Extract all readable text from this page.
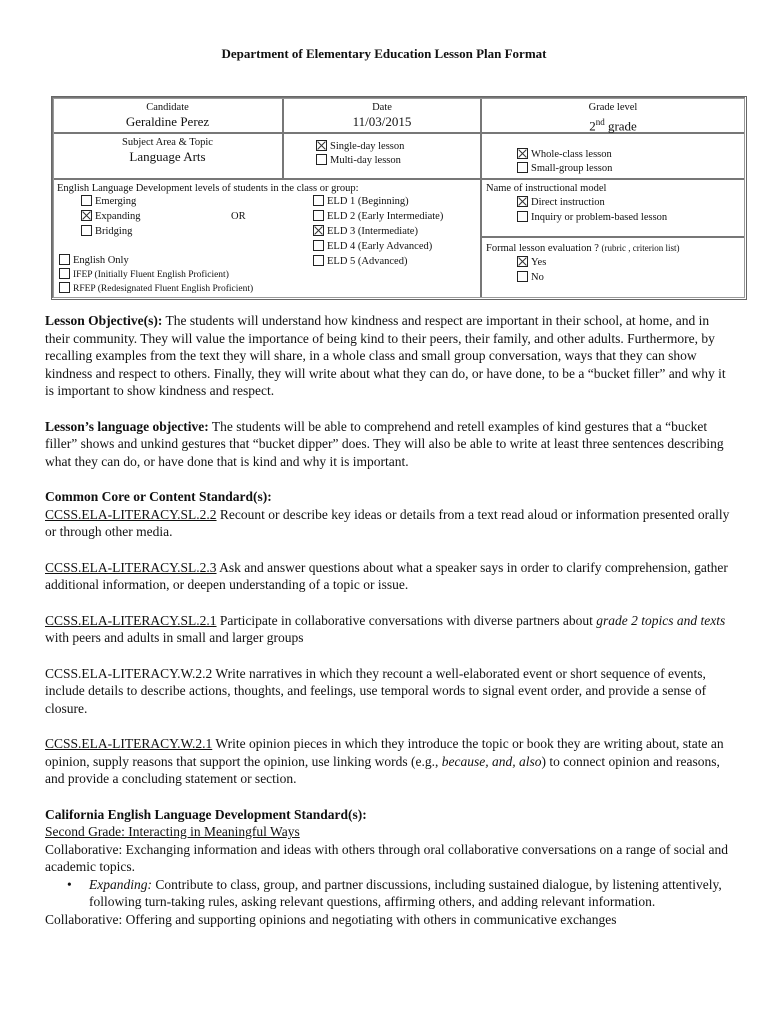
Department of Elementary Education Lesson Plan Format
Candidate
Geraldine Perez
Date
11/03/2015
Grade level
2nd grade
Subject Area & Topic
Language Arts
Single-day lesson
Multi-day lesson
Whole-class lesson
Small-group lesson
English Language Development levels of students in the class or group:
Emerging
Expanding	OR
Bridging
ELD 1 (Beginning)
ELD 2 (Early Intermediate)
ELD 3 (Intermediate)
ELD 4 (Early Advanced)
ELD 5 (Advanced)
English Only
IFEP (Initially Fluent English Proficient)
RFEP (Redesignated Fluent English Proficient)
Name of instructional model
Direct instruction
Inquiry or problem-based lesson
Formal lesson evaluation ? (rubric , criterion list)
Yes
No

Lesson Objective(s): The students will understand how kindness and respect are important in their school, at home, and in their community. They will value the importance of being kind to their peers, their family, and other adults. Furthermore, by recalling examples from the text they will share, in a whole class and small group conversation, ways that they can show kindness and respect to others. Finally, they will write about what they can do, or have done, to be a “bucket filler” and why it is important to show kindness and respect.

Lesson’s language objective: The students will be able to comprehend and retell examples of kind gestures that a “bucket filler” shows and unkind gestures that “bucket dipper” does. They will also be able to write at least three sentences describing what they can do, or have done that is kind and why it is important.

Common Core or Content Standard(s):

CCSS.ELA-LITERACY.SL.2.2 Recount or describe key ideas or details from a text read aloud or information presented orally or through other media.

CCSS.ELA-LITERACY.SL.2.3 Ask and answer questions about what a speaker says in order to clarify comprehension, gather additional information, or deepen understanding of a topic or issue.

CCSS.ELA-LITERACY.SL.2.1 Participate in collaborative conversations with diverse partners about grade 2 topics and texts with peers and adults in small and larger groups

CCSS.ELA-LITERACY.W.2.2 Write narratives in which they recount a well-elaborated event or short sequence of events, include details to describe actions, thoughts, and feelings, use temporal words to signal event order, and provide a sense of closure.

CCSS.ELA-LITERACY.W.2.1 Write opinion pieces in which they introduce the topic or book they are writing about, state an opinion, supply reasons that support the opinion, use linking words (e.g., because, and, also) to connect opinion and reasons, and provide a concluding statement or section.

California English Language Development Standard(s):
Second Grade: Interacting in Meaningful Ways
Collaborative: Exchanging information and ideas with others through oral collaborative conversations on a range of social and academic topics.
• Expanding: Contribute to class, group, and partner discussions, including sustained dialogue, by listening attentively, following turn-taking rules, asking relevant questions, affirming others, and adding relevant information.
Collaborative: Offering and supporting opinions and negotiating with others in communicative exchanges
